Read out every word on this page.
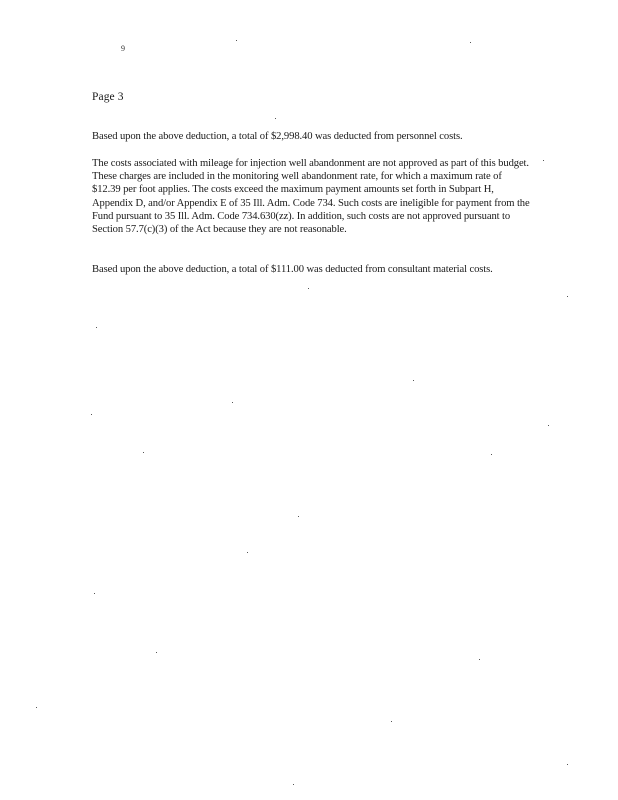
9
Page 3

Based upon the above deduction, a total of $2,998.40 was deducted from personnel costs.

The costs associated with mileage for injection well abandonment are not approved as part of this budget. These charges are included in the monitoring well abandonment rate, for which a maximum rate of $12.39 per foot applies. The costs exceed the maximum payment amounts set forth in Subpart H, Appendix D, and/or Appendix E of 35 Ill. Adm. Code 734. Such costs are ineligible for payment from the Fund pursuant to 35 Ill. Adm. Code 734.630(zz). In addition, such costs are not approved pursuant to Section 57.7(c)(3) of the Act because they are not reasonable.

Based upon the above deduction, a total of $111.00 was deducted from consultant material costs.
